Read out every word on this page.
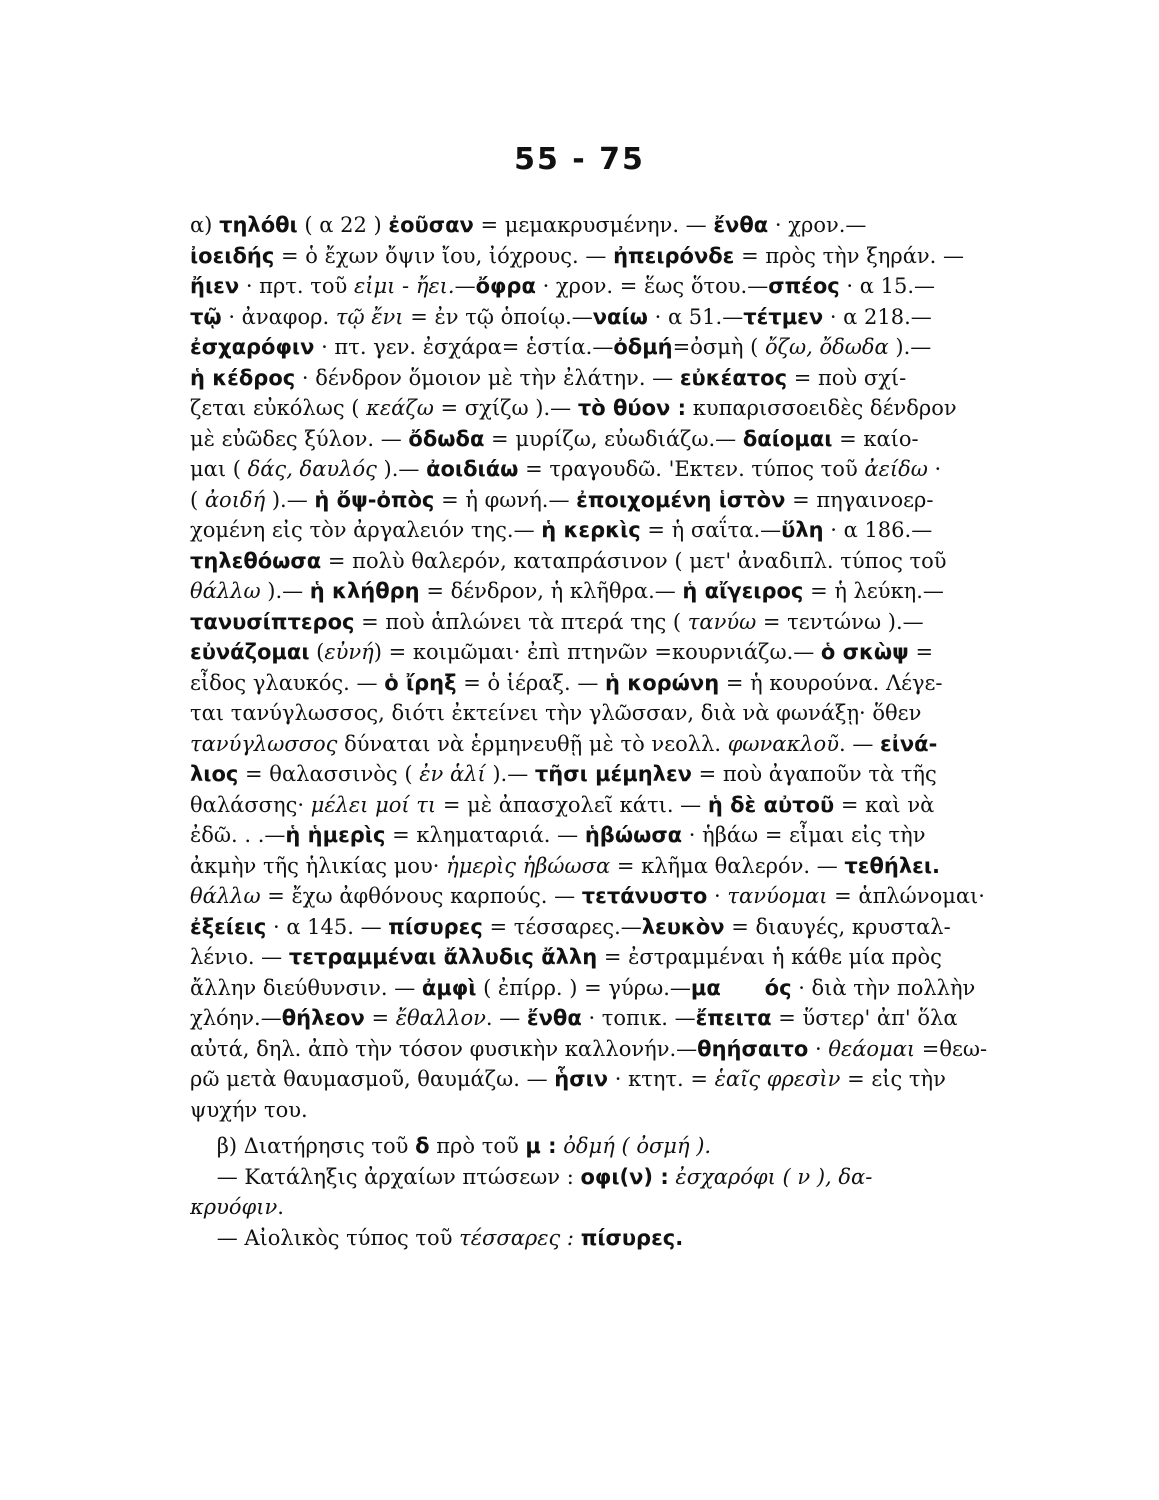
55 - 75
α) τηλόθι ( α 22 ) ἐοῦσαν = μεμακρυσμένην. — ἔνθα · χρον.—
ἰοειδής = ὁ ἔχων ὄψιν ἴου, ἰόχρους. — ἠπειρόνδε = πρὸς τὴν ξηράν. —
ἤιεν · πρτ. τοῦ εἰμι - ἤει.—ὄφρα · χρον. = ἕως ὅτου.—σπέος · α 15.—
τῷ · ἀναφορ. τῷ ἔνι = ἐν τῷ ὁποίῳ.—ναίω · α 51.—τέτμεν · α 218.—
ἐσχαρόφιν · πτ. γεν. ἐσχάρα= ἑστία.—ὀδμή=ὀσμὴ ( ὄζω, ὄδωδα ).—
ἡ κέδρος · δένδρον ὅμοιον μὲ τὴν ἐλάτην. — εὐκέατος = ποὺ σχί-
ζεται εὐκόλως ( κεάζω = σχίζω ).— τὸ θύον : κυπαρισσοειδὲς δένδρον
μὲ εὐῶδες ξύλον. — ὄδωδα = μυρίζω, εὐωδιάζω.— δαίομαι = καίο-
μαι ( δάς, δαυλός ).— ἀοιδιάω = τραγουδῶ. 'Εκτεν. τύπος τοῦ ἀείδω ·
( ἀοιδή ).— ἡ ὄψ-ὀπὸς = ἡ φωνή.— ἐποιχομένη ἱστὸν = πηγαινοερ-
χομένη εἰς τὸν ἀργαλειόν της.— ἡ κερκὶς = ἡ σαΐτα.—ὕλη · α 186.—
τηλεθόωσα = πολὺ θαλερόν, καταπράσινον ( μετ' ἀναδιπλ. τύπος τοῦ
θάλλω ).— ἡ κλήθρη = δένδρον, ἡ κλῆθρα.— ἡ αἴγειρος = ἡ λεύκη.—
τανυσίπτερος = ποὺ ἁπλώνει τὰ πτερά της ( τανύω = τεντώνω ).—
εὐνάζομαι (εὐνή) = κοιμῶμαι· ἐπὶ πτηνῶν =κουρνιάζω.— ὁ σκὼψ =
εἶδος γλαυκός. — ὁ ἴρηξ = ὁ ἱέραξ. — ἡ κορώνη = ἡ κουρούνα. Λέγε-
ται τανύγλωσσος, διότι ἐκτείνει τὴν γλῶσσαν, διὰ νὰ φωνάξῃ· ὅθεν
τανύγλωσσος δύναται νὰ ἑρμηνευθῇ μὲ τὸ νεολλ. φωνακλοῦ. — εἰνά-
λιος = θαλασσινὸς ( ἐν ἁλί ).— τῆσι μέμηλεν = ποὺ ἀγαποῦν τὰ τῆς
θαλάσσης· μέλει μοί τι = μὲ ἀπασχολεῖ κάτι. — ἡ δὲ αὐτοῦ = καὶ νὰ
ἐδῶ. . .—ἡ ἡμερὶς = κληματαριά. — ἡβώωσα · ἡβάω = εἶμαι εἰς τὴν
ἀκμὴν τῆς ἡλικίας μου· ἡμερὶς ἡβώωσα = κλῆμα θαλερόν. — τεθήλει.
θάλλω = ἔχω ἀφθόνους καρπούς. — τετάνυστο · τανύομαι = ἁπλώνομαι·
ἐξείεις · α 145. — πίσυρες = τέσσαρες.—λευκὸν = διαυγές, κρυσταλ-
λένιο. — τετραμμέναι ἄλλυδις ἄλλη = ἐστραμμέναι ἡ κάθε μία πρὸς
ἄλλην διεύθυνσιν. — ἀμφὶ ( ἐπίρρ. ) = γύρω.—μα      ός · διὰ τὴν πολλὴν
χλόην.—θήλεον = ἔθαλλον. — ἔνθα · τοπικ. —ἔπειτα = ὕστερ' ἀπ' ὅλα
αὐτά, δηλ. ἀπὸ τὴν τόσον φυσικὴν καλλονήν.—θηήσαιτο · θεάομαι =θεω-
ρῶ μετὰ θαυμασμοῦ, θαυμάζω. — ἧσιν · κτητ. = ἑαῖς φρεσὶν = εἰς τὴν
ψυχήν του.
β) Διατήρησις τοῦ δ πρὸ τοῦ μ : ὀδμή ( ὀσμή ).
— Κατάληξις ἀρχαίων πτώσεων : οφι(ν) : ἐσχαρόφι ( ν ), δα-
κρυόφιν.
— Αἰολικὸς τύπος τοῦ τέσσαρες : πίσυρες.
